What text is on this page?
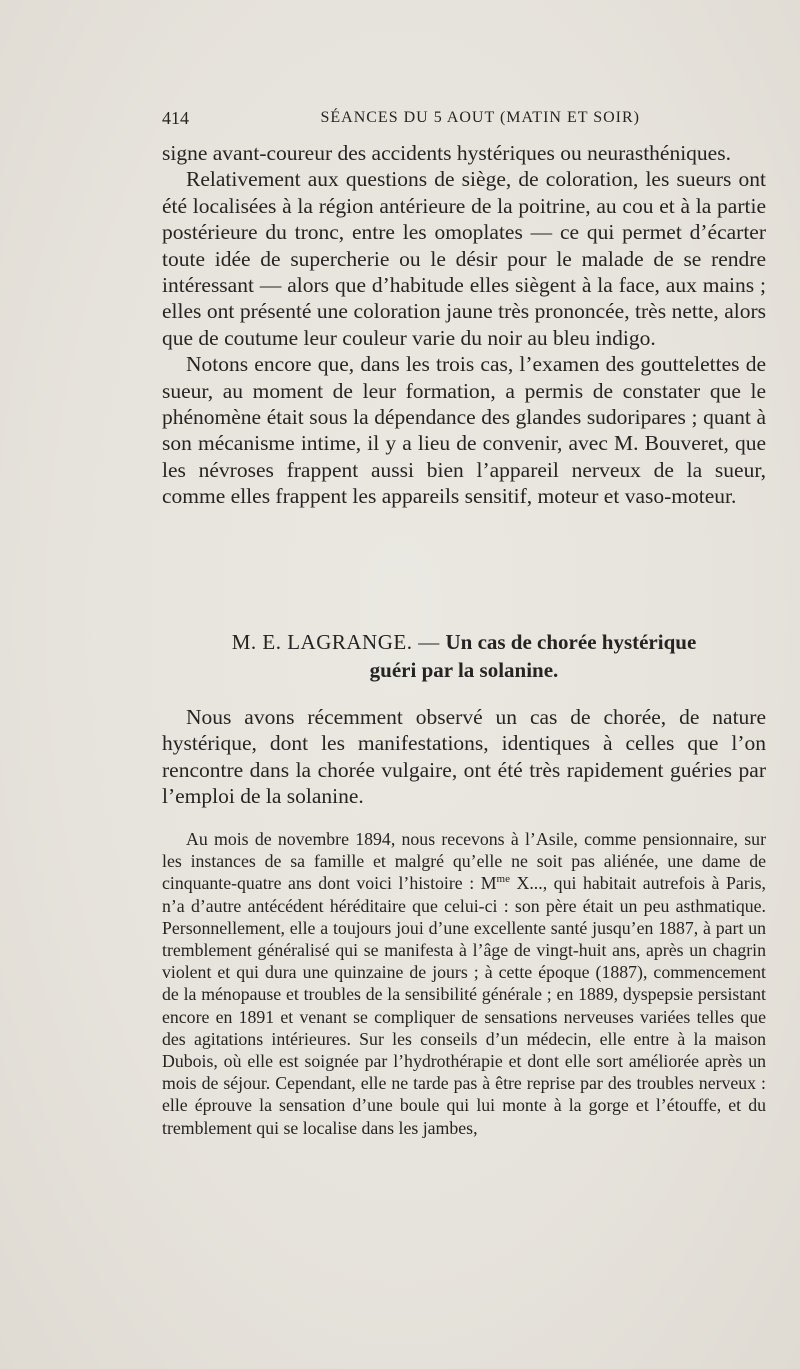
414	SÉANCES DU 5 AOUT (MATIN ET SOIR)

signe avant-coureur des accidents hystériques ou neurasthéniques.

Relativement aux questions de siège, de coloration, les sueurs ont été localisées à la région antérieure de la poitrine, au cou et à la partie postérieure du tronc, entre les omoplates — ce qui permet d’écarter toute idée de supercherie ou le désir pour le malade de se rendre intéressant — alors que d’habitude elles siègent à la face, aux mains ; elles ont présenté une coloration jaune très prononcée, très nette, alors que de coutume leur couleur varie du noir au bleu indigo.

Notons encore que, dans les trois cas, l’examen des gouttelettes de sueur, au moment de leur formation, a permis de constater que le phénomène était sous la dépendance des glandes sudoripares ; quant à son mécanisme intime, il y a lieu de convenir, avec M. Bouveret, que les névroses frappent aussi bien l’appareil nerveux de la sueur, comme elles frappent les appareils sensitif, moteur et vaso-moteur.

M. E. LAGRANGE. — Un cas de chorée hystérique
guéri par la solanine.

Nous avons récemment observé un cas de chorée, de nature hystérique, dont les manifestations, identiques à celles que l’on rencontre dans la chorée vulgaire, ont été très rapidement guéries par l’emploi de la solanine.

Au mois de novembre 1894, nous recevons à l’Asile, comme pensionnaire, sur les instances de sa famille et malgré qu’elle ne soit pas aliénée, une dame de cinquante-quatre ans dont voici l’histoire : $M^{me}$ X..., qui habitait autrefois à Paris, n’a d’autre antécédent héréditaire que celui-ci : son père était un peu asthmatique. Personnellement, elle a toujours joui d’une excellente santé jusqu’en 1887, à part un tremblement généralisé qui se manifesta à l’âge de vingt-huit ans, après un chagrin violent et qui dura une quinzaine de jours ; à cette époque (1887), commencement de la ménopause et troubles de la sensibilité générale ; en 1889, dyspepsie persistant encore en 1891 et venant se compliquer de sensations nerveuses variées telles que des agitations intérieures. Sur les conseils d’un médecin, elle entre à la maison Dubois, où elle est soignée par l’hydrothérapie et dont elle sort améliorée après un mois de séjour. Cependant, elle ne tarde pas à être reprise par des troubles nerveux : elle éprouve la sensation d’une boule qui lui monte à la gorge et l’étouffe, et du tremblement qui se localise dans les jambes,
